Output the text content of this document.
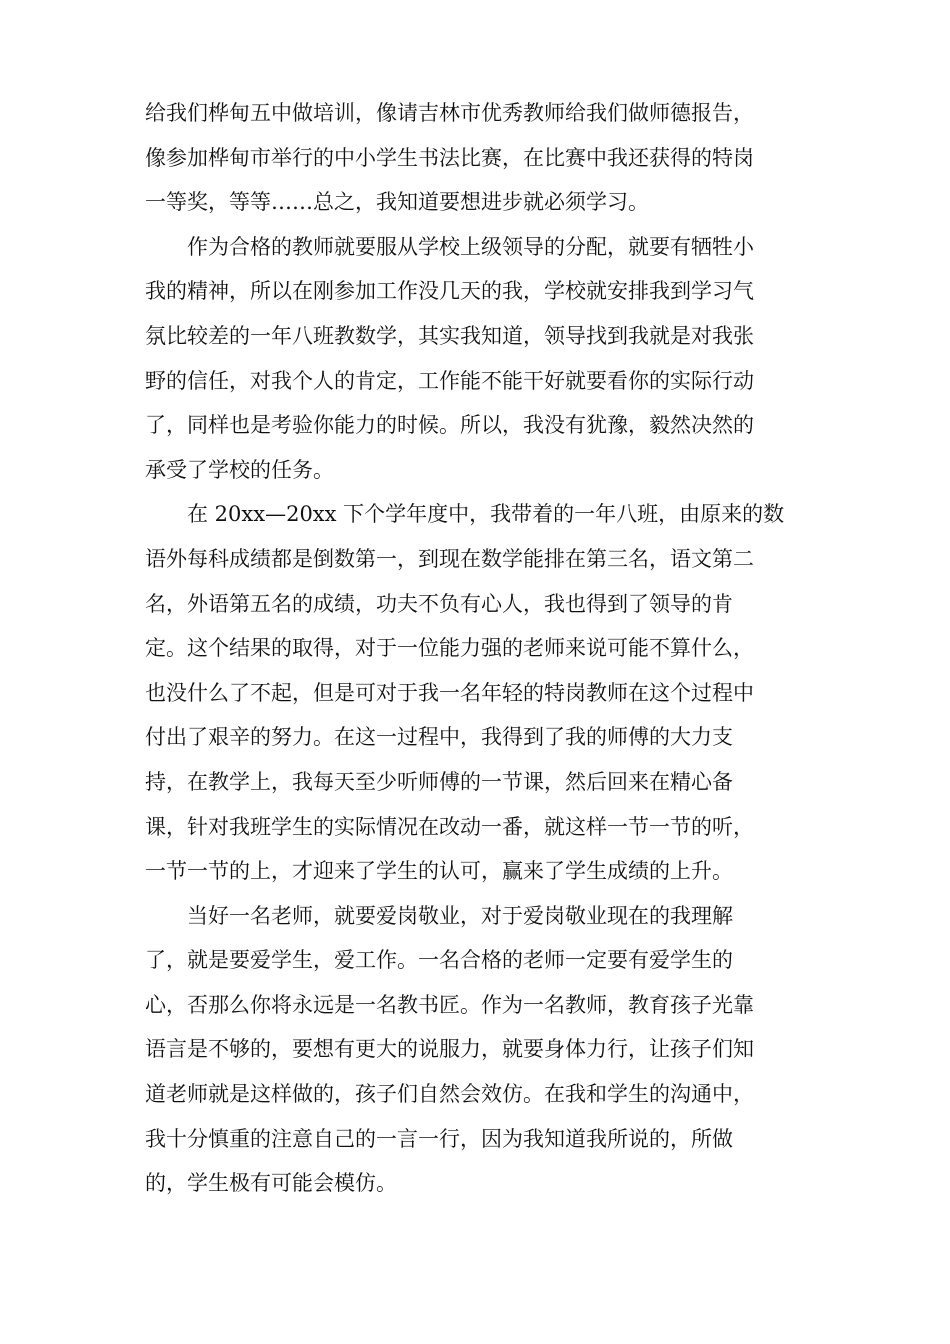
给我们桦甸五中做培训，像请吉林市优秀教师给我们做师德报告，
像参加桦甸市举行的中小学生书法比赛，在比赛中我还获得的特岗
一等奖，等等……总之，我知道要想进步就必须学习。
作为合格的教师就要服从学校上级领导的分配，就要有牺牲小
我的精神，所以在刚参加工作没几天的我，学校就安排我到学习气
氛比较差的一年八班教数学，其实我知道，领导找到我就是对我张
野的信任，对我个人的肯定，工作能不能干好就要看你的实际行动
了，同样也是考验你能力的时候。所以，我没有犹豫，毅然决然的
承受了学校的任务。
在 20xx—20xx 下个学年度中，我带着的一年八班，由原来的数
语外每科成绩都是倒数第一，到现在数学能排在第三名，语文第二
名，外语第五名的成绩，功夫不负有心人，我也得到了领导的肯
定。这个结果的取得，对于一位能力强的老师来说可能不算什么，
也没什么了不起，但是可对于我一名年轻的特岗教师在这个过程中
付出了艰辛的努力。在这一过程中，我得到了我的师傅的大力支
持，在教学上，我每天至少听师傅的一节课，然后回来在精心备
课，针对我班学生的实际情况在改动一番，就这样一节一节的听，
一节一节的上，才迎来了学生的认可，赢来了学生成绩的上升。
当好一名老师，就要爱岗敬业，对于爱岗敬业现在的我理解
了，就是要爱学生，爱工作。一名合格的老师一定要有爱学生的
心，否那么你将永远是一名教书匠。作为一名教师，教育孩子光靠
语言是不够的，要想有更大的说服力，就要身体力行，让孩子们知
道老师就是这样做的，孩子们自然会效仿。在我和学生的沟通中，
我十分慎重的注意自己的一言一行，因为我知道我所说的，所做
的，学生极有可能会模仿。
